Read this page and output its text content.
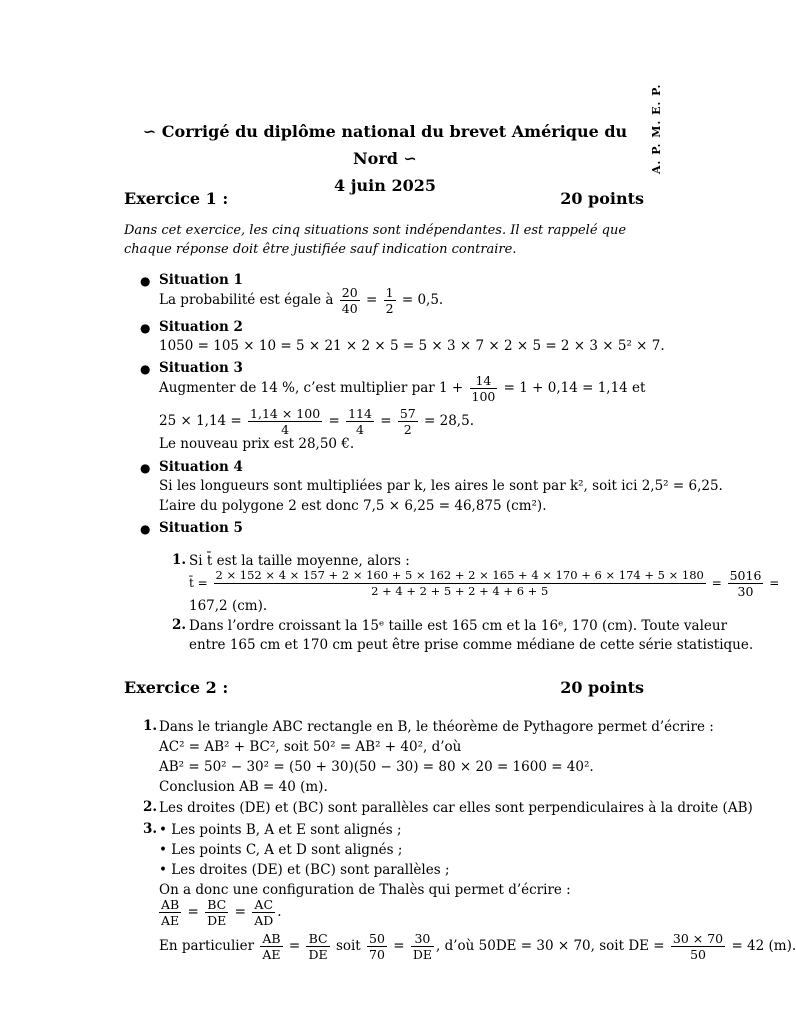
A. P. M. E. P.
∽ Corrigé du diplôme national du brevet Amérique du Nord ∽
4 juin 2025
Exercice 1 :	20 points
Dans cet exercice, les cinq situations sont indépendantes. Il est rappelé que chaque réponse doit être justifiée sauf indication contraire.
● Situation 1
La probabilité est égale à $\frac{20}{40} = \frac{1}{2} = 0,5$.
● Situation 2
1050 = 105 × 10 = 5 × 21 × 2 × 5 = 5 × 3 × 7 × 2 × 5 = 2 × 3 × 5² × 7.
● Situation 3
Augmenter de 14 %, c’est multiplier par $1 + \frac{14}{100} = 1 + 0,14 = 1,14$ et
$25 \times 1,14 = \frac{1,14 \times 100}{4} = \frac{114}{4} = \frac{57}{2} = 28,5$.
Le nouveau prix est 28,50 €.
● Situation 4
Si les longueurs sont multipliées par k, les aires le sont par k², soit ici 2,5² = 6,25.
L’aire du polygone 2 est donc 7,5 × 6,25 = 46,875 (cm²).
● Situation 5
1. Si t̄ est la taille moyenne, alors :
t̄ =
2 × 152 × 4 × 157 + 2 × 160 + 5 × 162 + 2 × 165 + 4 × 170 + 6 × 174 + 5 × 180
2 + 4 + 2 + 5 + 2 + 4 + 6 + 5
= $\frac{5016}{30}$ =
167,2 (cm).
2. Dans l’ordre croissant la 15ᵉ taille est 165 cm et la 16ᵉ, 170 (cm). Toute valeur
entre 165 cm et 170 cm peut être prise comme médiane de cette série statistique.
Exercice 2 :	20 points
1. Dans le triangle ABC rectangle en B, le théorème de Pythagore permet d’écrire :
AC² = AB² + BC², soit 50² = AB² + 40², d’où
AB² = 50² − 30² = (50 + 30)(50 − 30) = 80 × 20 = 1600 = 40².
Conclusion AB = 40 (m).
2. Les droites (DE) et (BC) sont parallèles car elles sont perpendiculaires à la droite (AB)
3. • Les points B, A et E sont alignés ;
• Les points C, A et D sont alignés ;
• Les droites (DE) et (BC) sont parallèles ;
On a donc une configuration de Thalès qui permet d’écrire :
$\frac{AB}{AE} = \frac{BC}{DE} = \frac{AC}{AD}$ .
En particulier $\frac{AB}{AE} = \frac{BC}{DE}$ soit $\frac{50}{70} = \frac{30}{DE}$ , d’où 50DE = 30 × 70, soit DE = $\frac{30 \times 70}{50} = 42$ (m).
